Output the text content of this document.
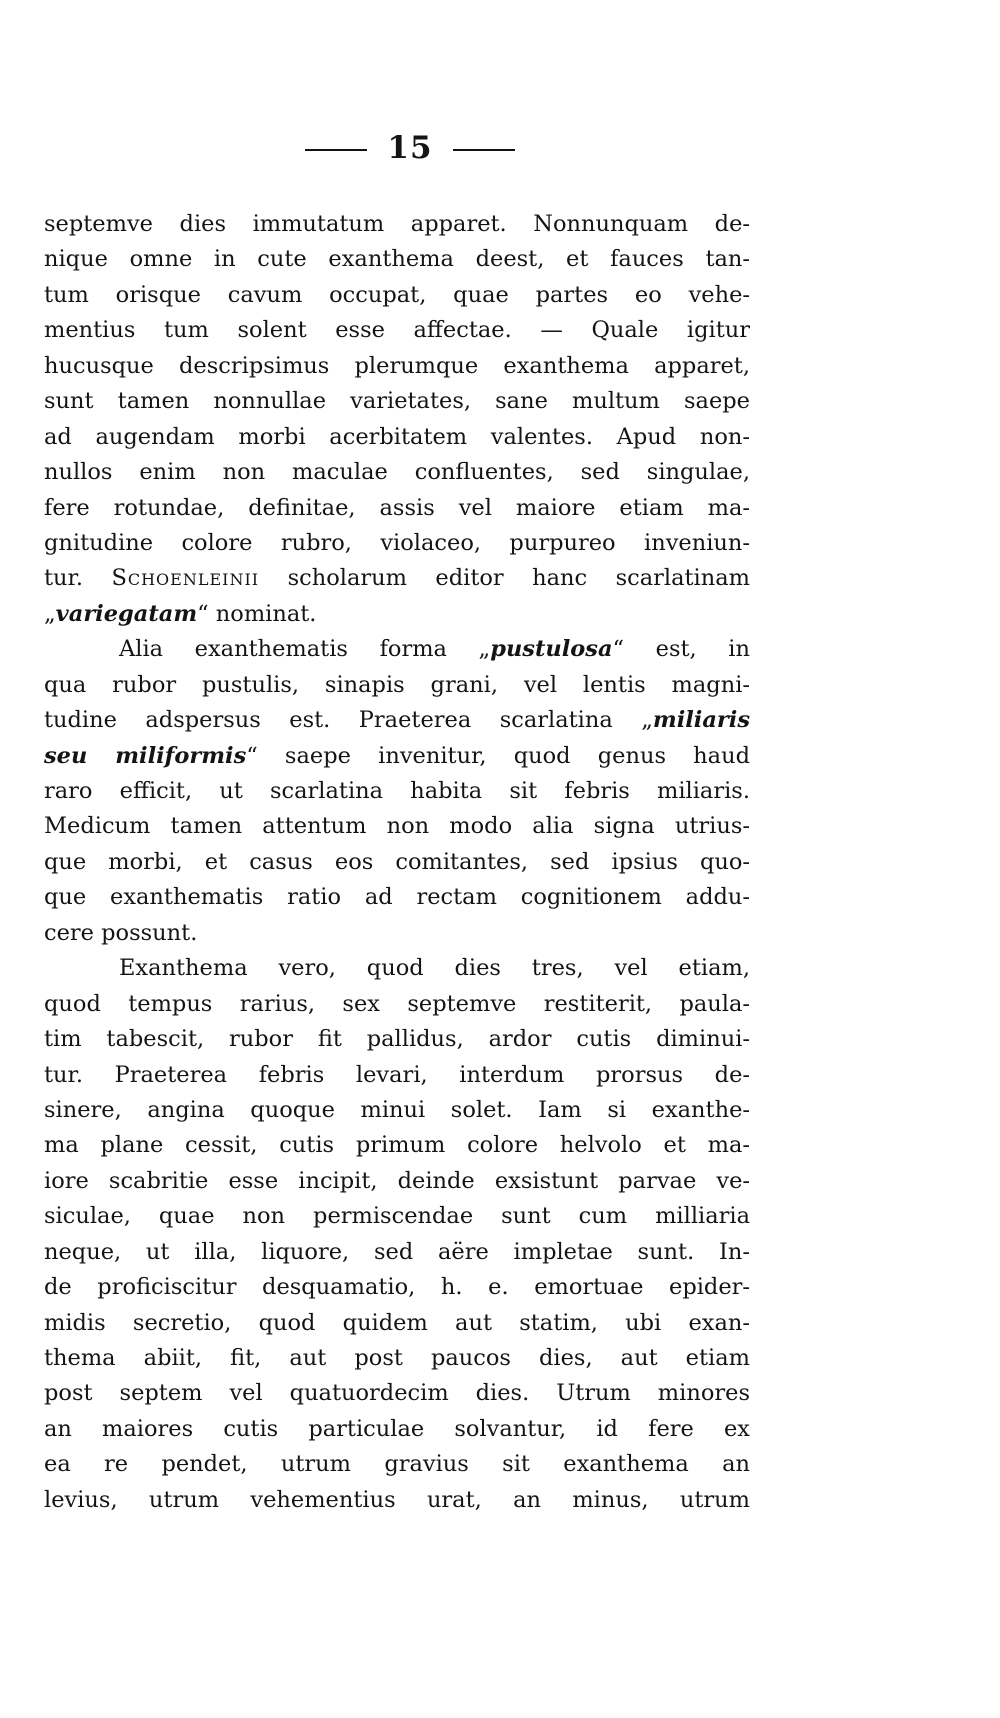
15
septemve dies immutatum apparet. Nonnunquam de-
nique omne in cute exanthema deest, et fauces tan-
tum orisque cavum occupat, quae partes eo vehe-
mentius tum solent esse affectae. — Quale igitur
hucusque descripsimus plerumque exanthema apparet,
sunt tamen nonnullae varietates, sane multum saepe
ad augendam morbi acerbitatem valentes. Apud non-
nullos enim non maculae confluentes, sed singulae,
fere rotundae, definitae, assis vel maiore etiam ma-
gnitudine colore rubro, violaceo, purpureo inveniun-
tur. Schoenleinii scholarum editor hanc scarlatinam
„variegatam“ nominat.
Alia exanthematis forma „pustulosa“ est, in
qua rubor pustulis, sinapis grani, vel lentis magni-
tudine adspersus est. Praeterea scarlatina „miliaris
seu miliformis“ saepe invenitur, quod genus haud
raro efficit, ut scarlatina habita sit febris miliaris.
Medicum tamen attentum non modo alia signa utrius-
que morbi, et casus eos comitantes, sed ipsius quo-
que exanthematis ratio ad rectam cognitionem addu-
cere possunt.
Exanthema vero, quod dies tres, vel etiam,
quod tempus rarius, sex septemve restiterit, paula-
tim tabescit, rubor fit pallidus, ardor cutis diminui-
tur. Praeterea febris levari, interdum prorsus de-
sinere, angina quoque minui solet. Iam si exanthe-
ma plane cessit, cutis primum colore helvolo et ma-
iore scabritie esse incipit, deinde exsistunt parvae ve-
siculae, quae non permiscendae sunt cum milliaria
neque, ut illa, liquore, sed aëre impletae sunt. In-
de proficiscitur desquamatio, h. e. emortuae epider-
midis secretio, quod quidem aut statim, ubi exan-
thema abiit, fit, aut post paucos dies, aut etiam
post septem vel quatuordecim dies. Utrum minores
an maiores cutis particulae solvantur, id fere ex
ea re pendet, utrum gravius sit exanthema an
levius, utrum vehementius urat, an minus, utrum
